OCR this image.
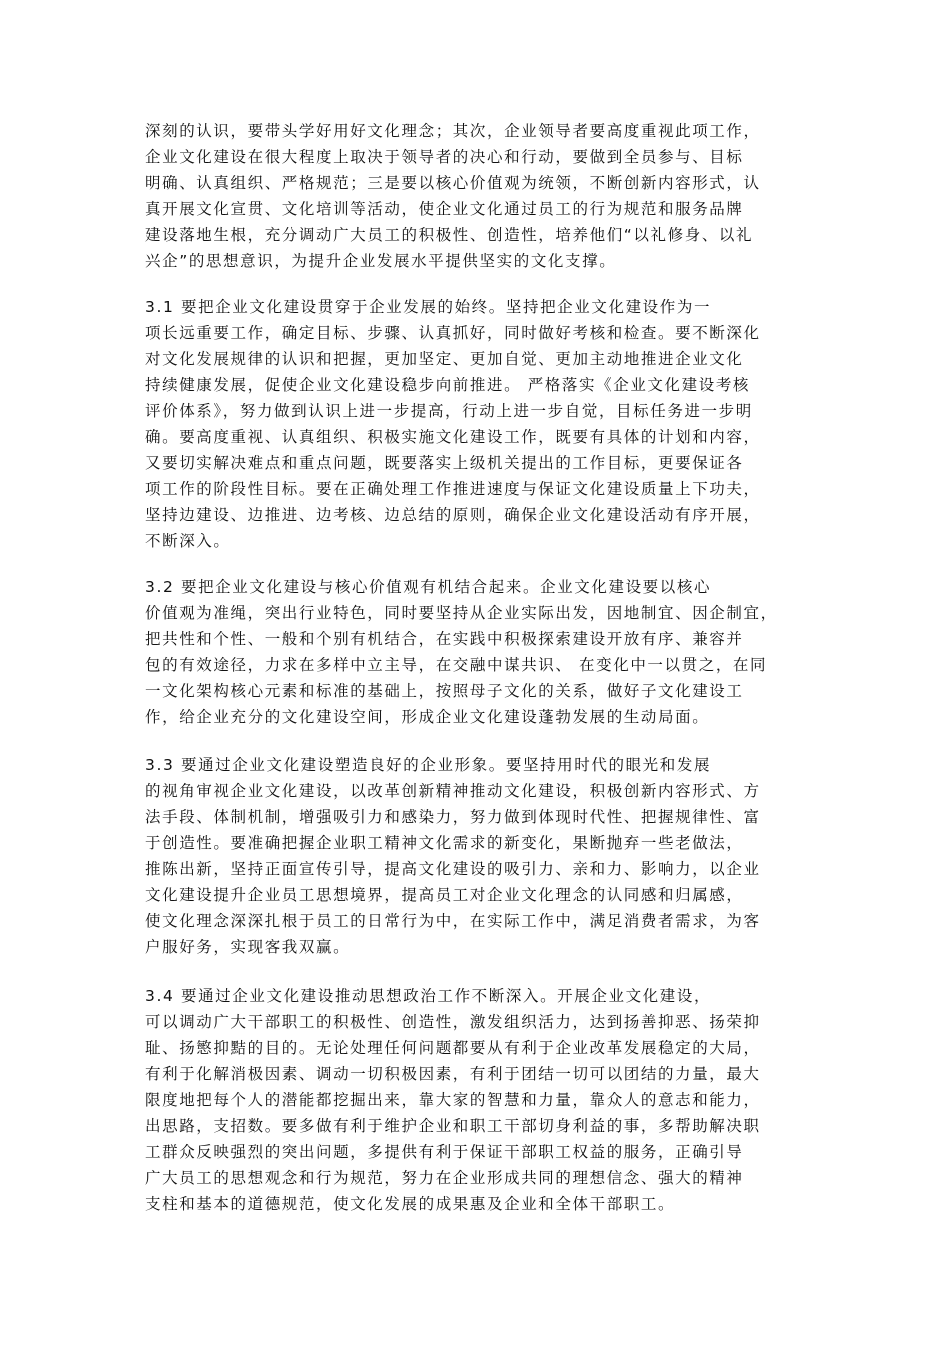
深刻的认识，要带头学好用好文化理念；其次，企业领导者要高度重视此项工作，
企业文化建设在很大程度上取决于领导者的决心和行动，要做到全员参与、目标
明确、认真组织、严格规范；三是要以核心价值观为统领，不断创新内容形式，认
真开展文化宣贯、文化培训等活动，使企业文化通过员工的行为规范和服务品牌
建设落地生根，充分调动广大员工的积极性、创造性，培养他们“以礼修身、以礼
兴企”的思想意识，为提升企业发展水平提供坚实的文化支撑。
3.1 要把企业文化建设贯穿于企业发展的始终。坚持把企业文化建设作为一
项长远重要工作，确定目标、步骤、认真抓好，同时做好考核和检查。要不断深化
对文化发展规律的认识和把握，更加坚定、更加自觉、更加主动地推进企业文化
持续健康发展，促使企业文化建设稳步向前推进。 严格落实《企业文化建设考核
评价体系》，努力做到认识上进一步提高，行动上进一步自觉，目标任务进一步明
确。要高度重视、认真组织、积极实施文化建设工作，既要有具体的计划和内容，
又要切实解决难点和重点问题，既要落实上级机关提出的工作目标，更要保证各
项工作的阶段性目标。要在正确处理工作推进速度与保证文化建设质量上下功夫，
坚持边建设、边推进、边考核、边总结的原则，确保企业文化建设活动有序开展，
不断深入。
3.2 要把企业文化建设与核心价值观有机结合起来。企业文化建设要以核心
价值观为准绳，突出行业特色，同时要坚持从企业实际出发，因地制宜、因企制宜，
把共性和个性、一般和个别有机结合，在实践中积极探索建设开放有序、兼容并
包的有效途径，力求在多样中立主导，在交融中谋共识、 在变化中一以贯之，在同
一文化架构核心元素和标准的基础上，按照母子文化的关系，做好子文化建设工
作，给企业充分的文化建设空间，形成企业文化建设蓬勃发展的生动局面。
3.3 要通过企业文化建设塑造良好的企业形象。要坚持用时代的眼光和发展
的视角审视企业文化建设，以改革创新精神推动文化建设，积极创新内容形式、方
法手段、体制机制，增强吸引力和感染力，努力做到体现时代性、把握规律性、富
于创造性。要准确把握企业职工精神文化需求的新变化，果断抛弃一些老做法，
推陈出新，坚持正面宣传引导，提高文化建设的吸引力、亲和力、影响力，以企业
文化建设提升企业员工思想境界，提高员工对企业文化理念的认同感和归属感，
使文化理念深深扎根于员工的日常行为中，在实际工作中，满足消费者需求，为客
户服好务，实现客我双赢。
3.4 要通过企业文化建设推动思想政治工作不断深入。开展企业文化建设，
可以调动广大干部职工的积极性、创造性，激发组织活力，达到扬善抑恶、扬荣抑
耻、扬慜抑黠的目的。无论处理任何问题都要从有利于企业改革发展稳定的大局，
有利于化解消极因素、调动一切积极因素，有利于团结一切可以团结的力量，最大
限度地把每个人的潜能都挖掘出来，靠大家的智慧和力量，靠众人的意志和能力，
出思路，支招数。要多做有利于维护企业和职工干部切身利益的事，多帮助解决职
工群众反映强烈的突出问题，多提供有利于保证干部职工权益的服务，正确引导
广大员工的思想观念和行为规范，努力在企业形成共同的理想信念、强大的精神
支柱和基本的道德规范，使文化发展的成果惠及企业和全体干部职工。
